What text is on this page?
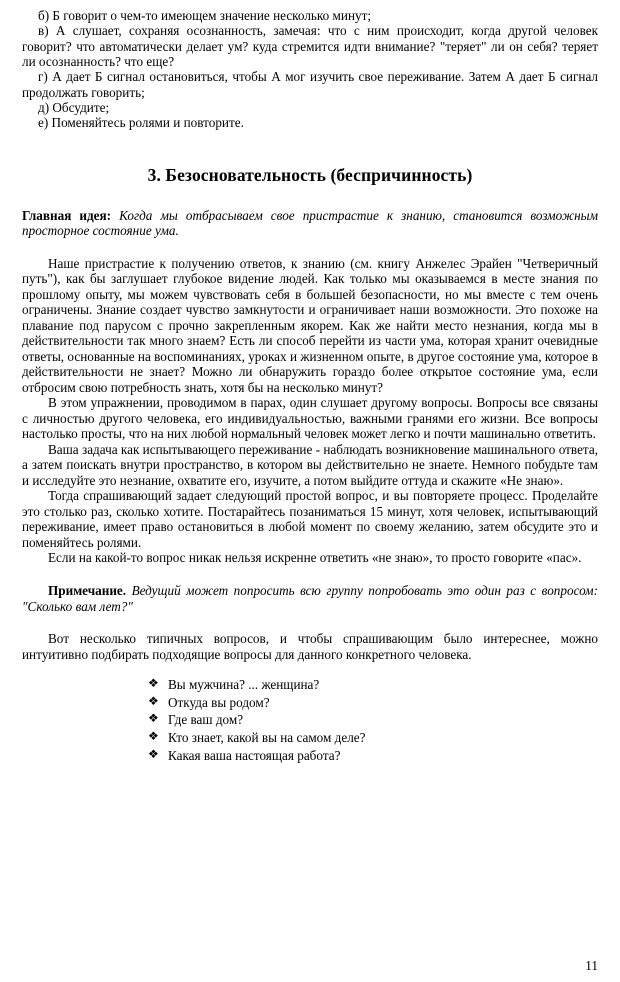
б) Б говорит о чем-то имеющем значение несколько минут;

в) А слушает, сохраняя осознанность, замечая: что с ним происходит, когда другой человек говорит? что автоматически делает ум? куда стремится идти внимание? "теряет" ли он себя? теряет ли осознанность? что еще?

г) А дает Б сигнал остановиться, чтобы А мог изучить свое переживание. Затем А дает Б сигнал продолжать говорить;

д) Обсудите;

е) Поменяйтесь ролями и повторите.

3. Безосновательность (беспричинность)

Главная идея: Когда мы отбрасываем свое пристрастие к знанию, становится возможным просторное состояние ума.

Наше пристрастие к получению ответов, к знанию (см. книгу Анжелес Эрайен "Четверичный путь"), как бы заглушает глубокое видение людей. Как только мы оказываемся в месте знания по прошлому опыту, мы можем чувствовать себя в большей безопасности, но мы вместе с тем очень ограничены. Знание создает чувство замкнутости и ограничивает наши возможности. Это похоже на плавание под парусом с прочно закрепленным якорем. Как же найти место незнания, когда мы в действительности так много знаем? Есть ли способ перейти из части ума, которая хранит очевидные ответы, основанные на воспоминаниях, уроках и жизненном опыте, в другое состояние ума, которое в действительности не знает? Можно ли обнаружить гораздо более открытое состояние ума, если отбросим свою потребность знать, хотя бы на несколько минут?

В этом упражнении, проводимом в парах, один слушает другому вопросы. Вопросы все связаны с личностью другого человека, его индивидуальностью, важными гранями его жизни. Все вопросы настолько просты, что на них любой нормальный человек может легко и почти машинально ответить.

Ваша задача как испытывающего переживание - наблюдать возникновение машинального ответа, а затем поискать внутри пространство, в котором вы действительно не знаете. Немного побудьте там и исследуйте это незнание, охватите его, изучите, а потом выйдите оттуда и скажите «Не знаю».

Тогда спрашивающий задает следующий простой вопрос, и вы повторяете процесс. Проделайте это столько раз, сколько хотите. Постарайтесь позаниматься 15 минут, хотя человек, испытывающий переживание, имеет право остановиться в любой момент по своему желанию, затем обсудите это и поменяйтесь ролями.

Если на какой-то вопрос никак нельзя искренне ответить «не знаю», то просто говорите «пас».

Примечание. Ведущий может попросить всю группу попробовать это один раз с вопросом: "Сколько вам лет?"

Вот несколько типичных вопросов, и чтобы спрашивающим было интереснее, можно интуитивно подбирать подходящие вопросы для данного конкретного человека.

❖ Вы мужчина? ... женщина?
❖ Откуда вы родом?
❖ Где ваш дом?
❖ Кто знает, какой вы на самом деле?
❖ Какая ваша настоящая работа?
11
